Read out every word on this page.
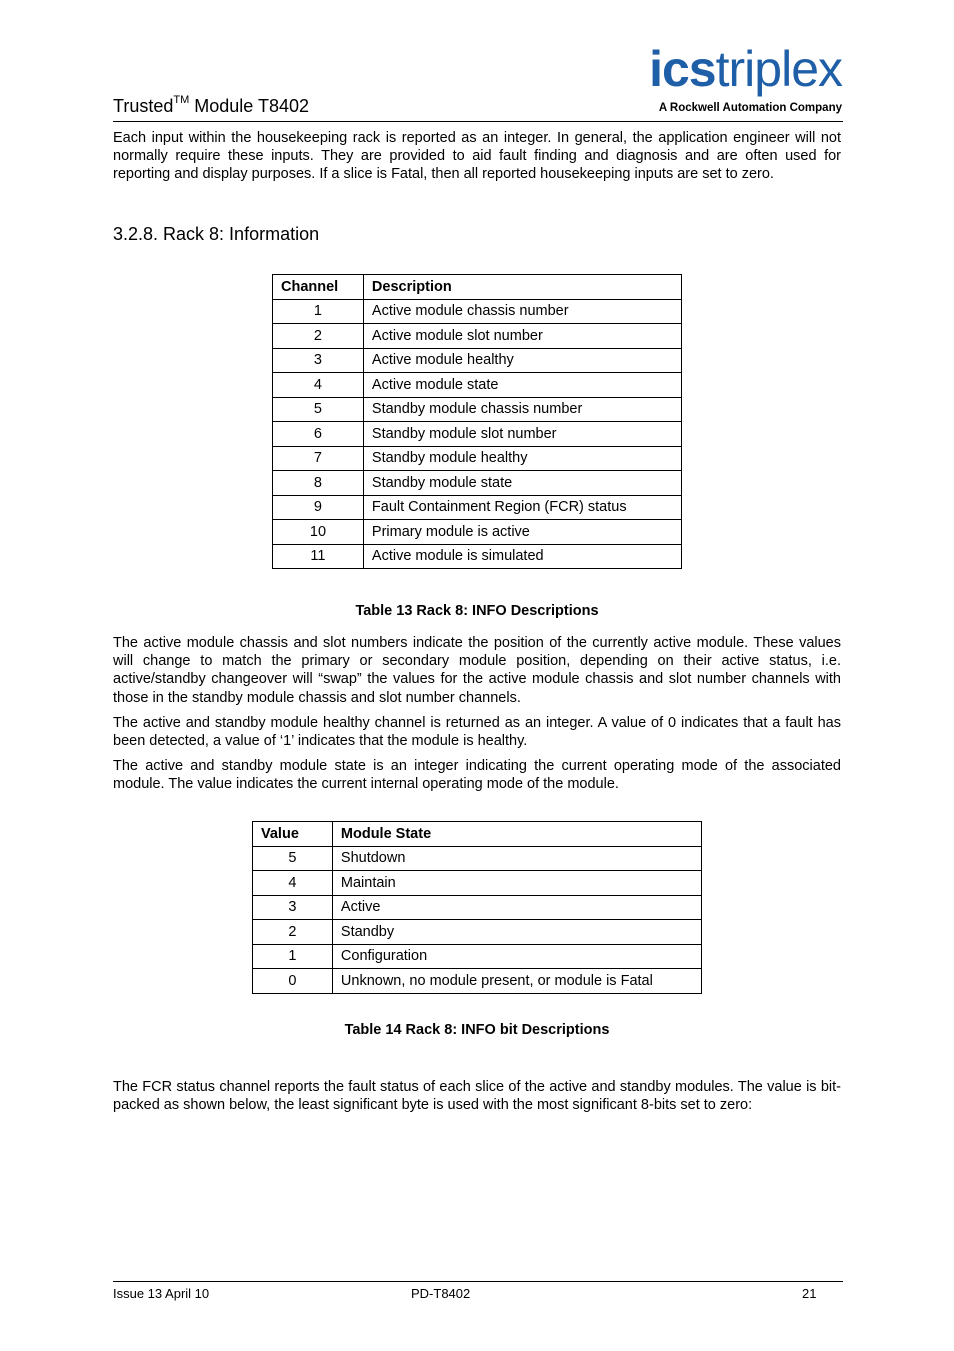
Trusted™ Module T8402
icstriplex
A Rockwell Automation Company

Each input within the housekeeping rack is reported as an integer. In general, the application engineer will not normally require these inputs. They are provided to aid fault finding and diagnosis and are often used for reporting and display purposes. If a slice is Fatal, then all reported housekeeping inputs are set to zero.

3.2.8. Rack 8: Information
Channel	Description
1	Active module chassis number
2	Active module slot number
3	Active module healthy
4	Active module state
5	Standby module chassis number
6	Standby module slot number
7	Standby module healthy
8	Standby module state
9	Fault Containment Region (FCR) status
10	Primary module is active
11	Active module is simulated
Table 13 Rack 8: INFO Descriptions

The active module chassis and slot numbers indicate the position of the currently active module. These values will change to match the primary or secondary module position, depending on their active status, i.e. active/standby changeover will “swap” the values for the active module chassis and slot number channels with those in the standby module chassis and slot number channels.

The active and standby module healthy channel is returned as an integer. A value of 0 indicates that a fault has been detected, a value of ‘1’ indicates that the module is healthy.

The active and standby module state is an integer indicating the current operating mode of the associated module. The value indicates the current internal operating mode of the module.

Value	Module State
5	Shutdown
4	Maintain
3	Active
2	Standby
1	Configuration
0	Unknown, no module present, or module is Fatal
Table 14 Rack 8: INFO bit Descriptions

The FCR status channel reports the fault status of each slice of the active and standby modules. The value is bit-packed as shown below, the least significant byte is used with the most significant 8-bits set to zero:

Issue 13 April 10	PD-T8402	21
